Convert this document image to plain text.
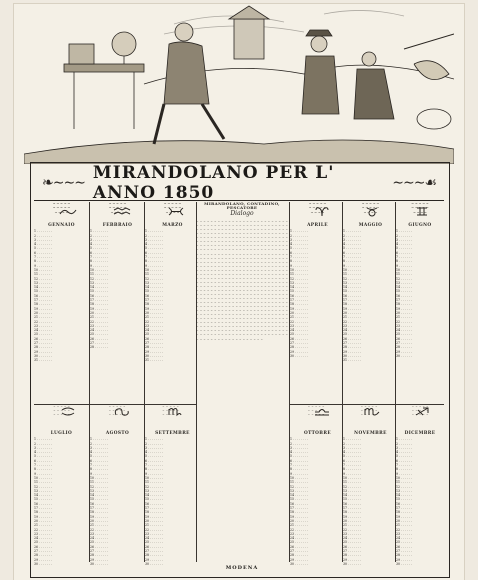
❧∼∼∼ MIRANDOLANO PER L' ANNO 1850	∼∼∼☙
~ ~ ~ ~ ~
~ ~ ~ ~ ~
~ ~ ~ ~
GENNAIO
1 . . . . . . . .
2 . . . . . . . .
3 . . . . . . . .
4 . . . . . . . .
5 . . . . . . . .
6 . . . . . . . .
7 . . . . . . . .
8 . . . . . . . .
9 . . . . . . . .
10 . . . . . . .
11 . . . . . . .
12 . . . . . . .
13 . . . . . . .
14 . . . . . . .
15 . . . . . . .
16 . . . . . . .
17 . . . . . . .
18 . . . . . . .
19 . . . . . . .
20 . . . . . . .
21 . . . . . . .
22 . . . . . . .
23 . . . . . . .
24 . . . . . . .
25 . . . . . . .
26 . . . . . . .
27 . . . . . . .
28 . . . . . . .
29 . . . . . . .
30 . . . . . . .
31 . . . . . . .
~ ~ ~ ~ ~
~ ~ ~ ~ ~
~ ~ ~ ~
FEBBRAIO
1 . . . . . . . .
2 . . . . . . . .
3 . . . . . . . .
4 . . . . . . . .
5 . . . . . . . .
6 . . . . . . . .
7 . . . . . . . .
8 . . . . . . . .
9 . . . . . . . .
10 . . . . . . .
11 . . . . . . .
12 . . . . . . .
13 . . . . . . .
14 . . . . . . .
15 . . . . . . .
16 . . . . . . .
17 . . . . . . .
18 . . . . . . .
19 . . . . . . .
20 . . . . . . .
21 . . . . . . .
22 . . . . . . .
23 . . . . . . .
24 . . . . . . .
25 . . . . . . .
26 . . . . . . .
27 . . . . . . .
28 . . . . . . .
~ ~ ~ ~ ~
~ ~ ~ ~ ~
~ ~ ~ ~
MARZO
1 . . . . . . . .
2 . . . . . . . .
3 . . . . . . . .
4 . . . . . . . .
5 . . . . . . . .
6 . . . . . . . .
7 . . . . . . . .
8 . . . . . . . .
9 . . . . . . . .
10 . . . . . . .
11 . . . . . . .
12 . . . . . . .
13 . . . . . . .
14 . . . . . . .
15 . . . . . . .
16 . . . . . . .
17 . . . . . . .
18 . . . . . . .
19 . . . . . . .
20 . . . . . . .
21 . . . . . . .
22 . . . . . . .
23 . . . . . . .
24 . . . . . . .
25 . . . . . . .
26 . . . . . . .
27 . . . . . . .
28 . . . . . . .
29 . . . . . . .
30 . . . . . . .
31 . . . . . . .
~ ~ ~ ~ ~
~ ~ ~ ~ ~
~ ~ ~ ~
APRILE
1 . . . . . . . .
2 . . . . . . . .
3 . . . . . . . .
4 . . . . . . . .
5 . . . . . . . .
6 . . . . . . . .
7 . . . . . . . .
8 . . . . . . . .
9 . . . . . . . .
10 . . . . . . .
11 . . . . . . .
12 . . . . . . .
13 . . . . . . .
14 . . . . . . .
15 . . . . . . .
16 . . . . . . .
17 . . . . . . .
18 . . . . . . .
19 . . . . . . .
20 . . . . . . .
21 . . . . . . .
22 . . . . . . .
23 . . . . . . .
24 . . . . . . .
25 . . . . . . .
26 . . . . . . .
27 . . . . . . .
28 . . . . . . .
29 . . . . . . .
30 . . . . . . .
~ ~ ~ ~ ~
~ ~ ~ ~ ~
~ ~ ~ ~
MAGGIO
1 . . . . . . . .
2 . . . . . . . .
3 . . . . . . . .
4 . . . . . . . .
5 . . . . . . . .
6 . . . . . . . .
7 . . . . . . . .
8 . . . . . . . .
9 . . . . . . . .
10 . . . . . . .
11 . . . . . . .
12 . . . . . . .
13 . . . . . . .
14 . . . . . . .
15 . . . . . . .
16 . . . . . . .
17 . . . . . . .
18 . . . . . . .
19 . . . . . . .
20 . . . . . . .
21 . . . . . . .
22 . . . . . . .
23 . . . . . . .
24 . . . . . . .
25 . . . . . . .
26 . . . . . . .
27 . . . . . . .
28 . . . . . . .
29 . . . . . . .
30 . . . . . . .
31 . . . . . . .
~ ~ ~ ~ ~
~ ~ ~ ~ ~
~ ~ ~ ~
GIUGNO
1 . . . . . . .
2 . . . . . . .
3 . . . . . . .
4 . . . . . . .
5 . . . . . . .
6 . . . . . . .
7 . . . . . . .
8 . . . . . . .
9 . . . . . . .
10 . . . . . .
11 . . . . . .
12 . . . . . .
13 . . . . . .
14 . . . . . .
15 . . . . . .
16 . . . . . .
17 . . . . . .
18 . . . . . .
19 . . . . . .
20 . . . . . .
21 . . . . . .
22 . . . . . .
23 . . . . . .
24 . . . . . .
25 . . . . . .
26 . . . . . .
27 . . . . . .
28 . . . . . .
29 . . . . . .
30 . . . . . .
~ ~ ~ ~ ~
~ ~ ~ ~ ~
~ ~ ~ ~ ~
~ ~ ~ ~ ~
~ ~ ~ ~ ~
~ ~ ~ ~ ~
~ ~ ~ ~ ~
~ ~ ~ ~ ~
~ ~ ~ ~ ~
~ ~ ~ ~ ~
~ ~ ~ ~ ~
~ ~ ~ ~ ~
~ ~ ~ ~ ~
~ ~ ~ ~ ~
~ ~ ~ ~ ~
~ ~ ~ ~ ~
~ ~ ~ ~ ~
~ ~ ~ ~ ~
LUGLIO
1 . . . . . . . .
2 . . . . . . . .
3 . . . . . . . .
4 . . . . . . . .
5 . . . . . . . .
6 . . . . . . . .
7 . . . . . . . .
8 . . . . . . . .
9 . . . . . . . .
10 . . . . . . .
11 . . . . . . .
12 . . . . . . .
13 . . . . . . .
14 . . . . . . .
15 . . . . . . .
16 . . . . . . .
17 . . . . . . .
18 . . . . . . .
19 . . . . . . .
20 . . . . . . .
21 . . . . . . .
22 . . . . . . .
23 . . . . . . .
24 . . . . . . .
25 . . . . . . .
26 . . . . . . .
27 . . . . . . .
28 . . . . . . .
29 . . . . . . .
30 . . . . . . .
AGOSTO
1 . . . . . . . .
2 . . . . . . . .
3 . . . . . . . .
4 . . . . . . . .
5 . . . . . . . .
6 . . . . . . . .
7 . . . . . . . .
8 . . . . . . . .
9 . . . . . . . .
10 . . . . . . .
11 . . . . . . .
12 . . . . . . .
13 . . . . . . .
14 . . . . . . .
15 . . . . . . .
16 . . . . . . .
17 . . . . . . .
18 . . . . . . .
19 . . . . . . .
20 . . . . . . .
21 . . . . . . .
22 . . . . . . .
23 . . . . . . .
24 . . . . . . .
25 . . . . . . .
26 . . . . . . .
27 . . . . . . .
28 . . . . . . .
29 . . . . . . .
30 . . . . . . .
SETTEMBRE
1 . . . . . . . .
2 . . . . . . . .
3 . . . . . . . .
4 . . . . . . . .
5 . . . . . . . .
6 . . . . . . . .
7 . . . . . . . .
8 . . . . . . . .
9 . . . . . . . .
10 . . . . . . .
11 . . . . . . .
12 . . . . . . .
13 . . . . . . .
14 . . . . . . .
15 . . . . . . .
16 . . . . . . .
17 . . . . . . .
18 . . . . . . .
19 . . . . . . .
20 . . . . . . .
21 . . . . . . .
22 . . . . . . .
23 . . . . . . .
24 . . . . . . .
25 . . . . . . .
26 . . . . . . .
27 . . . . . . .
28 . . . . . . .
29 . . . . . . .
30 . . . . . . .
OTTOBRE
1 . . . . . . . .
2 . . . . . . . .
3 . . . . . . . .
4 . . . . . . . .
5 . . . . . . . .
6 . . . . . . . .
7 . . . . . . . .
8 . . . . . . . .
9 . . . . . . . .
10 . . . . . . .
11 . . . . . . .
12 . . . . . . .
13 . . . . . . .
14 . . . . . . .
15 . . . . . . .
16 . . . . . . .
17 . . . . . . .
18 . . . . . . .
19 . . . . . . .
20 . . . . . . .
21 . . . . . . .
22 . . . . . . .
23 . . . . . . .
24 . . . . . . .
25 . . . . . . .
26 . . . . . . .
27 . . . . . . .
28 . . . . . . .
29 . . . . . . .
30 . . . . . . .
NOVEMBRE
1 . . . . . . . .
2 . . . . . . . .
3 . . . . . . . .
4 . . . . . . . .
5 . . . . . . . .
6 . . . . . . . .
7 . . . . . . . .
8 . . . . . . . .
9 . . . . . . . .
10 . . . . . . .
11 . . . . . . .
12 . . . . . . .
13 . . . . . . .
14 . . . . . . .
15 . . . . . . .
16 . . . . . . .
17 . . . . . . .
18 . . . . . . .
19 . . . . . . .
20 . . . . . . .
21 . . . . . . .
22 . . . . . . .
23 . . . . . . .
24 . . . . . . .
25 . . . . . . .
26 . . . . . . .
27 . . . . . . .
28 . . . . . . .
29 . . . . . . .
30 . . . . . . .
DICEMBRE
1 . . . . . . .
2 . . . . . . .
3 . . . . . . .
4 . . . . . . .
5 . . . . . . .
6 . . . . . . .
7 . . . . . . .
8 . . . . . . .
9 . . . . . . .
10 . . . . . .
11 . . . . . .
12 . . . . . .
13 . . . . . .
14 . . . . . .
15 . . . . . .
16 . . . . . .
17 . . . . . .
18 . . . . . .
19 . . . . . .
20 . . . . . .
21 . . . . . .
22 . . . . . .
23 . . . . . .
24 . . . . . .
25 . . . . . .
26 . . . . . .
27 . . . . . .
28 . . . . . .
29 . . . . . .
30 . . . . . .
MIRANDOLANO, CONTADINO, PESCATORE
Dialogo
~ ~ ~ ~ ~ ~ ~ ~ ~ ~ ~ ~ ~ ~ ~ ~ ~ ~ ~ ~ ~ ~ ~ ~ ~ ~ ~ ~ ~ ~ ~ ~ ~ ~ ~ ~ ~ ~ ~ ~ ~ ~ ~ ~ ~ ~ ~ ~ ~ ~ ~ ~ ~ ~ ~ ~ ~ ~ ~ ~ ~ ~ ~ ~ ~ ~ ~ ~ ~ ~ ~ ~ ~ ~ ~ ~ ~ ~ ~ ~ ~ ~ ~ ~ ~ ~ ~ ~ ~ ~ ~ ~ ~ ~ ~ ~ ~ ~ ~ ~ ~ ~ ~ ~ ~ ~ ~ ~ ~ ~ ~ ~ ~ ~ ~ ~ ~ ~ ~ ~ ~ ~ ~ ~ ~ ~ ~ ~ ~ ~ ~ ~ ~ ~ ~ ~ ~ ~ ~ ~ ~ ~ ~ ~ ~ ~ ~ ~ ~ ~ ~ ~ ~ ~ ~ ~ ~ ~ ~ ~ ~ ~ ~ ~ ~ ~ ~ ~ ~ ~ ~ ~ ~ ~ ~ ~ ~ ~ ~ ~ ~ ~ ~ ~ ~ ~ ~ ~ ~ ~ ~ ~ ~ ~ ~ ~ ~ ~ ~ ~ ~ ~ ~ ~ ~ ~ ~ ~ ~ ~ ~ ~ ~ ~ ~ ~ ~ ~ ~ ~ ~ ~ ~ ~ ~ ~ ~ ~ ~ ~ ~ ~ ~ ~ ~ ~ ~ ~ ~ ~ ~ ~ ~ ~ ~ ~ ~ ~ ~ ~ ~ ~ ~ ~ ~ ~ ~ ~ ~ ~ ~ ~ ~ ~ ~ ~ ~ ~ ~ ~ ~ ~ ~ ~ ~ ~ ~ ~ ~ ~ ~ ~ ~ ~ ~ ~ ~ ~ ~ ~ ~ ~ ~ ~ ~ ~ ~ ~ ~ ~ ~ ~ ~ ~ ~ ~ ~ ~ ~ ~ ~ ~ ~ ~ ~ ~ ~ ~ ~ ~ ~ ~ ~ ~ ~ ~ ~ ~ ~ ~ ~ ~ ~ ~ ~ ~ ~ ~ ~ ~ ~ ~ ~ ~ ~ ~ ~ ~ ~ ~ ~ ~ ~ ~ ~ ~ ~ ~ ~ ~ ~ ~ ~ ~ ~ ~ ~ ~ ~ ~ ~ ~ ~ ~ ~ ~ ~ ~ ~ ~ ~ ~ ~ ~ ~ ~ ~ ~ ~ ~ ~ ~ ~ ~ ~ ~ ~ ~ ~ ~ ~ ~ ~ ~ ~ ~ ~ ~ ~ ~ ~ ~ ~ ~ ~ ~ ~ ~ ~ ~ ~ ~ ~ ~ ~ ~ ~ ~ ~ ~ ~ ~ ~ ~ ~ ~ ~ ~ ~ ~ ~ ~ ~ ~ ~ ~ ~ ~ ~ ~ ~ ~ ~ ~ ~ ~ ~ ~ ~ ~ ~ ~ ~ ~ ~ ~ ~ ~ ~ ~ ~ ~ ~ ~ ~ ~ ~ ~ ~ ~ ~ ~ ~ ~ ~ ~ ~ ~ ~ ~ ~ ~ ~ ~ ~ ~ ~ ~ ~ ~ ~ ~ ~ ~ ~ ~ ~ ~ ~ ~ ~ ~ ~ ~ ~ ~ ~ ~ ~ ~ ~ ~ ~ ~ ~ ~ ~ ~ ~ ~ ~ ~ ~ ~ ~ ~ ~ ~ ~ ~ ~ ~ ~ ~ ~ ~ ~ ~ ~ ~ ~ ~ ~ ~ ~ ~ ~ ~ ~ ~ ~ ~ ~ ~ ~ ~ ~ ~ ~ ~ ~ ~ ~ ~ ~ ~ ~ ~ ~ ~ ~ ~ ~ ~ ~ ~ ~ ~ ~ ~ ~ ~ ~ ~ ~ ~ ~ ~ ~ ~ ~ ~ ~ ~ ~ ~ ~ ~ ~ ~ ~ ~ ~ ~ ~ ~ ~ ~ ~ ~ ~ ~ ~ ~ ~ ~ ~ ~ ~ ~ ~ ~ ~ ~ ~ ~ ~ ~ ~ ~ ~ ~ ~ ~ ~ ~ ~ ~ ~ ~ ~ ~ ~ ~ ~ ~ ~ ~ ~ ~ ~ ~ ~ ~ ~ ~ ~ ~ ~ ~ ~ ~ ~ ~ ~ ~ ~ ~ ~ ~ ~ ~ ~ ~ ~ ~ ~ ~ ~ ~ ~ ~ ~ ~ ~ ~ ~ ~ ~ ~ ~ ~ ~ ~ ~ ~ ~ ~ ~ ~ ~ ~ ~ ~ ~ ~ ~ ~ ~ ~ ~ ~ ~ ~ ~ ~ ~ ~ ~ ~ ~ ~ ~ ~ ~ ~ ~ ~ ~ ~ ~ ~ ~ ~ ~ ~ ~ ~ ~ ~ ~ ~ ~ ~ ~ ~ ~ ~ ~ ~ ~ ~ ~ ~ ~ ~ ~ ~ ~ ~ ~ ~ ~
MODENA
